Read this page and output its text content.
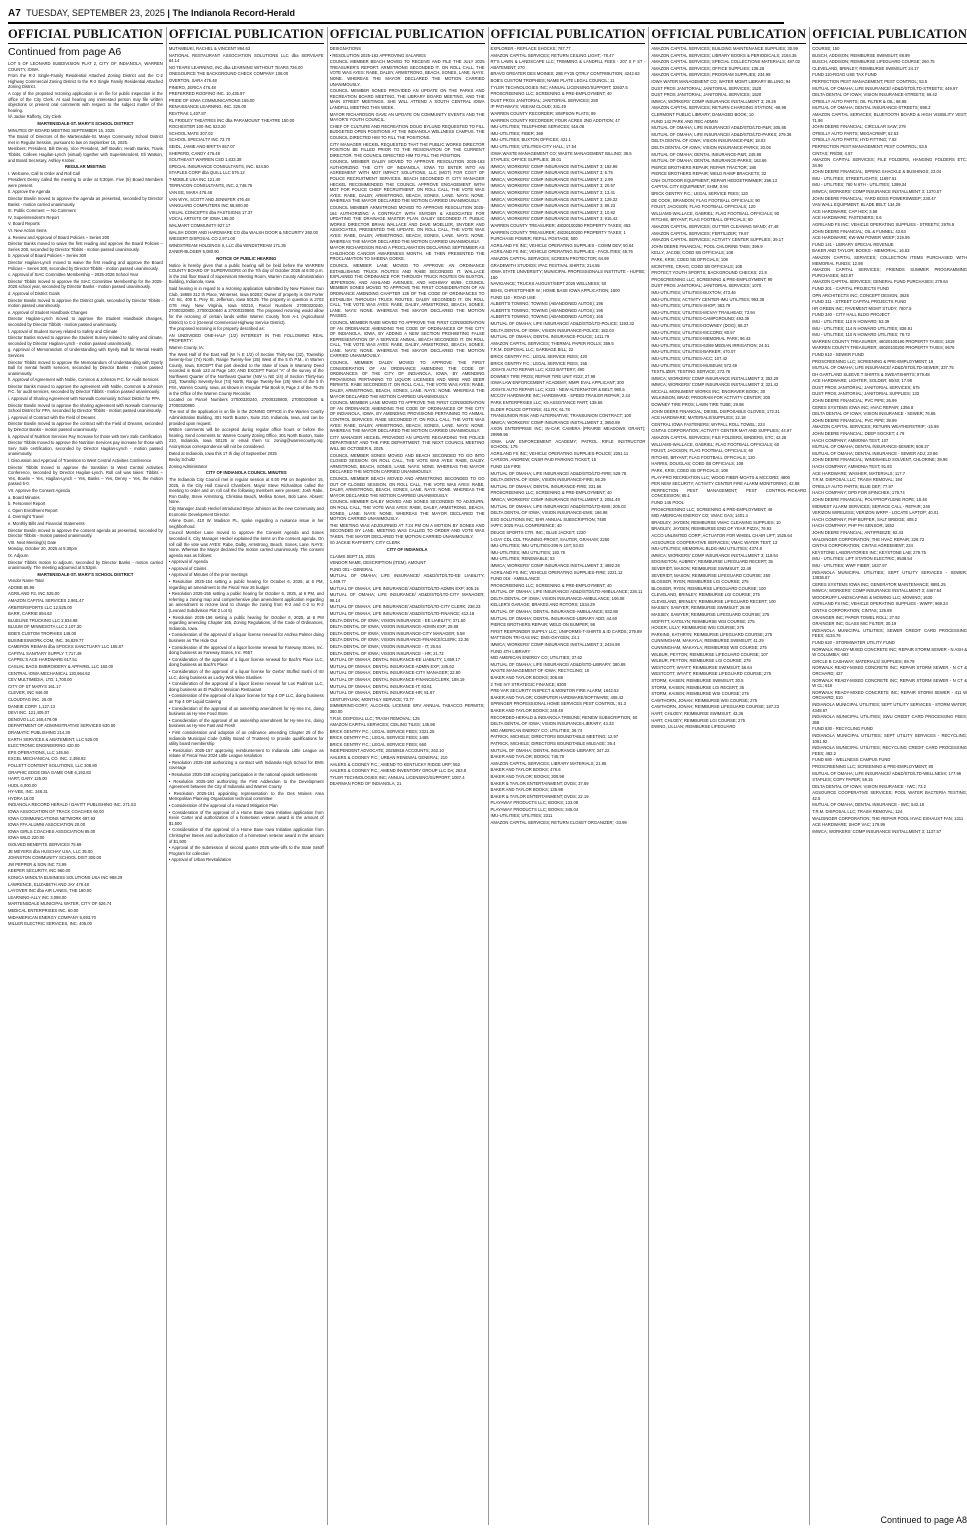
A7 TUESDAY, SEPTEMBER 23, 2025 | The Indianola Record-Herald
OFFICIAL PUBLICATION
Continued from page A6
LOT 5 OF LEONARD SUBDIVISION PLAT 2, CITY OF INDIANOLA, WARREN COUNTY, IOWA.
From the R-2 Single-Family Residential Attached Zoning District and the C-2 Highway Commercial Zoning District to the R-2 Single Family Residential Attached Zoning District.
A copy of the proposed rezoning application is on file for public inspection in the office of the City Clerk. At said hearing any interested person may file written objections or present oral comments with respect to the subject matter of the hearing.
\s\ Jackie Rafferty, City Clerk
MARTENSDALE-ST. MARY'S SCHOOL DISTRICT
MINUTES OF BOARD MEETING SEPTEMBER 15, 2025
The Board of Directors of the Martensdale-St. Marys Community School District met in Regular Session, pursuant to law on September 15, 2025.
Members: President, Bill Denny, Vice President, Jeff Bowlin, Heath Banks, Travis Tibbits, Colleen Hagilan-Lynch (virtual) together with Superintendent, Eli Watson, and Board Secretary, Ashley Krober.
REGULAR MEETING
I. Welcome, Call to Order and Roll Call
President Denny called the meeting to order at 5:30pm. Five (5) Board Members were present.
II. Approve the Agenda
Director Bowlin moved to approve the agenda as presented, seconded by Director Banks - motion carried unanimously.
III. Public Comment — No Comment
IV. Superintendent's Report
V. Board Reports
VI. New Action Items
a. Review and Approval of Board Policies – Series 200
Director Banks moved to waive the first reading and approve the Board Policies – Series 200, seconded by Director Tibbits - motion passed unanimously.
b. Approval of Board Policies – Series 300
Director Hagilan-Lynch moved to waive the first reading and approve the Board Policies – Series 300, seconded by Director Tibbits - motion passed unanimously.
c. Approval of SIAC Committee Membership – 2025-2026 School Year
Director Tibbits moved to approve the SIAC Committee Membership for the 2025-2026 school year, seconded by Director Banks - motion passed unanimously.
d. Approval of District Goals
Director Bowlin moved to approve the District goals, seconded by Director Tibbits - motion passed unanimously.
e. Approval of Student Handbook Changes
Director Hagilan-Lynch moved to approve the Student Handbook changes, seconded by Director Tibbits - motion passed unanimously.
f. Approval of Student Survey related to Safety and Climate
Director Banks moved to approve the Student Survey related to safety and climate, seconded by Director Hagilan-Lynch - motion passed unanimously.
g. Approval of Memorandum of Understanding with Eyerly Ball for Mental Health Services
Director Tibbits moved to approve the Memorandum of Understanding with Eyerly Ball for mental health services, seconded by Director Banks - motion passed unanimously.
h. Approval of Agreement with Noble, Common & Johnson P.C. for Audit Services
Director Banks moved to approve the agreement with Noble, Common & Johnson P.C. for audit services, seconded by Director Tibbits - motion passed unanimously.
i. Approval of Sharing Agreement with Norwalk Community School District for PPA
Director Bowlin moved to approve the sharing agreement with Norwalk Community School District for PPA, seconded by Director Tibbits - motion passed unanimously.
j. Approval of Contract with the Field of Dreams
Director Bowlin moved to approve the contract with the Field of Dreams, seconded by Director Banks - motion passed unanimously.
k. Approval of Nutrition Services Pay Increase for those with Serv Safe Certification
Director Tibbits moved to approve the Nutrition Services pay increase for those with Serv Safe certification, seconded by Director Hagilan-Lynch - motion passed unanimously.
l. Discussion and Approval of Transition to West Central Activities Conference
Director Tibbits moved to approve the transition to West Central Activities Conference, seconded by Director Hagilan-Lynch. Roll call was taken: Tibbits – Yes, Bowlin – Yes, Hagilan-Lynch – Yes, Banks – Yes, Denny – Yes, the motion passed 5-0.
VII. Approve the Consent Agenda
a. Board Minutes
b. Personnel Report
c. Open Enrollment Report
d. Overnight Travel
e. Monthly Bills and Financial Statements
Director Bowlin moved to approve the consent agenda as presented, seconded by Director Tibbits - motion passed unanimously.
VIII. Next Meeting(s) Date
Monday, October 20, 2025 at 5:30pm
IX. Adjourn
Director Tibbits motion to adjourn, seconded by Director Banks - motion carried unanimously. The meeting adjourned at 5:53pm.
MARTENSDALE-ST. MARY'S SCHOOL DISTRICT
Vendor Name Total
ADOBE 85.96
AGRILAND FS, INC 525.00
AMAZON CAPITAL SERVICES 2,961.47
ARBITERSPORTS LLC 12,525.00
BARR, CARRIE 894.63
BLUELINE TRUCKING LLC 2,834.98
BLUUM OF MINNESOTA LLC 2,107.30
BOB'S CUSTOM TROPHIES 148.00
BUSINESSWORK.COM, INC. 36,829.77
CAMERON REIMAN dba SPOCKS SANCTUARY LLC 165.87
CAPITAL SANITARY SUPPLY 7,717.49
CAPPEL'S ACE HARDWARE 617.51
CASUAL BAGS EMBROIDERY & APPAREL LLC 160.00
CENTRAL IOWA MECHANICAL 130,964.62
CEV MULTIMEDIA, LTD. 1,700.00
CITY OF ST MARYS 161.17
CLEVER, INC 846.00
CLOUDTAG INC. 25.00
DANEIE CORP. 1,127.13
DEVI INC. 121,405.07
DENOVO LLC 160,479.09
DEPARTMENT OF ADMINISTRATIVE SERVICES 630.00
DRAMATIC PUBLISHING 214.30
EARTH SERVICES & ABATEMENT, LLC 525.00
ELECTRONIC ENGINEERING 420.00
EPS OPERATIONS, LLC 145.56
EXCEL MECHANICAL CO. INC. 2,498.92
FOLLETT CONTENT SOLUTIONS, LLC 308.80
GRAPHIC EDGE DBA GAME ONE 6,193.83
HART, GARY 125.00
HUDL 6,000.00
HY-VEE, INC. 346.31
HYDRA 16.00
INDIANOLA RECORD HERALD / DAVITT PUBLISHING INC. 271.53
IOWA ASSOCIATION OF TRACK COACHES 60.00
IOWA COMMUNICATIONS NETWORK 697.93
IOWA FFA ALUMNI ASSOCIATION 20.00
IOWA GIRLS COACHES ASSOCIATION 85.00
IOWA WILD 220.00
ISOLVED BENEFITS SERVICES 75.69
JE MEYERS dba HUSCHAY USA, LLC 35.00
JOHNSTON COMMUNITY SCHOOL DIST 300.00
JW PEPPER & SON INC 73.99
KEEPER SECURITY, INC 960.00
KONICA MINOLTA BUSINESS SOLUTIONS USA INC 988.29
LAWRENCE, ELIZABETH AND JAY 476.48
LAYOVER INC dba AIR LANES, THE 180.00
LEARNING-ALLY INC 3,098.00
MARTENSDALE MUNICIPAL WATER, CITY OF 526.74
MEDICAL ENTERPRISES INC. 60.00
MIDAMERICAN ENERGY COMPANY 6,693.70
MILLER ELECTRIC SERVICES, INC. 405.00
OFFICIAL PUBLICATION
MUTAMBUKI, RACHEL & VINCENT 894.63
NATIONAL RESTAURANT ASSOCIATION SOLUTIONS LLC dba SERVSAFE 64.14
NO TEARS LEARNING, INC dba LEARNING WITHOUT TEARS 726.00
ONESOURCE THE BACKGROUND CHECK COMPANY 108.00
OVERTON, SARA 476.48
PINERO, JERICA 476.48
PREFERRED ROOFING INC. 10,435.97
PRIDE OF IOWA COMMUNICATIONS 165.00
RENAISSANCE LEARNING, INC. 325.00
REVTRAK 1,407.87
RL FRIDLEY THEATRES INC dba PARAMOUNT THEATRE 150.00
ROCHESTER 100 INC 523.20
SCHOOL MATE 307.02
SCHOOL SPECIALTY INC 73.70
SEIDL, JAMIE AND BRITTA 657.07
SHEPERD, CANDY 476.48
SOUTHEAST WARREN CSD 1,633.38
SPECIAL INSURANCE CONSULTANTS, INC. 624.50
STAPLES CORP dba QUILL LLC 576.12
T-MOBILE USA INC 121.40
TERRACON CONSULTANTS, INC. 2,748.75
VAN EE, MARA 476.48
VAN WYK, SCOTT AND JENNIFER 476.48
VANGUARD COMPUTERS INC 58,800.00
VISUAL CONCEPTS dba FASTSIGNS 17.37
VOCAL ARTISTS OF IOWA 195.00
WALMART COMMUNITY 927.17
WALSH DOOR AND HARDWARE CO dba WALSH DOOR & SECURITY 260.00
WIEGERT DISPOSAL CO 2,971.00
WINDSTREAM HOLDINGS II, LLC dba WINDSTREAM 171.35
ZANER-BLOSER 5,080.90
NOTICE OF PUBLIC HEARING
Notice is hereby given that a public hearing will be held before the WARREN COUNTY BOARD OF SUPERVISORS on the 7th day of October 2025 at 6:00 p.m. in the 2nd floor Board of Supervisors Meeting Room, Warren County Administration Building, Indianola, Iowa.
Said hearing is in regard to a rezoning application submitted by New Pioneer Gun Club, 18658 312 th Place, Winterset, Iowa 50263; Owner of property is GM Porter AG Inc, 408 E. Prey St, Jefferson, Iowa 50129. The property in question is 2702 G76 Hwy, New Virginia, Iowa 50210, Parcel Numbers 27000320240, 27000320800, 27000320840 & 27000320860. The proposed rezoning would allow for the rezoning of certain lands within Warren County from A-1 (Agricultural District) to C-2 (General Commercial-Highway Service District).
The proposed rezoning is for property described as:
AN UNDIVIDED ONE-HALF (1/2) INTEREST IN THE FOLLOWING REAL PROPERTY:
Warren County, IA:
The West Half of the East Half (W ½ E 1/2) of Section Thirty-two (32), Township Seventy-four (74) North, Range Twenty-five (25) West of the 5 th P.M., in Warren County, Iowa, EXCEPT that part deeded to the State of Iowa in Warranty Deed recorded in Book 122 at Page 140; AND EXCEPT Parcel "A" of the survey of the Northwest Quarter of the Northeast Quarter (NW ¼ NE 1/4) of Section Thirty-two (32), Township Seventy-four (74) North, Range Twenty-five (25) West of the 5 th P.M., Warren County, Iowa, as shown in Irregular Plat Book 9, Page 2 of the 76-25 in the Office of the Warren County Recorder.
Located on Parcel Numbers 27000320240, 27000320800, 27000320840 & 27000320860.
The text of the application is on file in the ZONING OFFICE in the Warren County Administration Building, 301 North Buxton, Suite 210, Indianola, Iowa, and can be provided upon request.
Written comments will be accepted during regular office hours or before the hearing. Send comments to: Warren County Zoning Office, 301 North Buxton, Suite 210, Indianola, Iowa 50125 or email them to: zoning@warrencounty.org. Anonymous correspondence will not be considered.
Dated at Indianola, Iowa this 17 th day of September 2025
Becky Schultz
Zoning Administrator
CITY OF INDIANOLA COUNCIL MINUTES
The Indianola City Council met in regular session at 6:00 PM on September 15, 2025, in the City Hall Council Chambers. Mayor Steve Richardson called the meeting to order and on roll call the following members were present: Josh Rabe, Ron Dalby, Steve Armstrong, Christina Beach, Mellisa Sones, Bob Lane. Absent: None.
City Manager Jacob Heckel introduced Bryce Johnson as the new Community and Economic Development Director.
Arlene Dunn, 410 W. Madison PL, spoke regarding a nuisance issue in her neighborhood.
Council Member Lane moved to approve the Consent Agenda and Sones seconded it. City Manager Heckel explained the items on the consent agenda. On roll call the vote was AYES: Rabe, Dalby, Armstrong, Beach, Sones, Lane. NAYS: None. Whereas the Mayor declared the motion carried unanimously. The consent agenda was as follows:
• Approval of Agenda
• Approval of Claims
• Approval of Minutes of the prior meetings
• Resolution 2025-154 setting a public hearing for October 6, 2025, at 6 PM, regarding an amendment to the Fiscal Year 26 budget
• Resolution 2025-155 setting a public hearing for October 6, 2025, at 6 PM, and referring a zoning map and comprehensive plan amendment application regarding an amendment to rezone land to change the zoning from R-2 and C-2 to R-2 (Leonard Subdivision Plat 2 Lot 5)
• Resolution 2025-156 setting a public hearing for October 6, 2025, at 6 PM regarding amending Chapter 165, Zoning Regulations, of the Code of Ordinances, Indianola, Iowa.
• Consideration of the approval of a liquor license renewal for Andrea Palmer doing business as The Hide Out
• Consideration of the approval of a liquor license renewal for Fareway Stores, Inc. doing business as Fareway Stores, Inc. #657
• Consideration of the approval of a liquor license renewal for Bach's Place LLC, doing business as Bach's Place
• Consideration of the approval of a liquor license for Gerbs' Stuffed Sushi of ISI LLC, doing business as Lucky Wok Wine Slushies
• Consideration of the approval of a liquor license renewal for Los Padrinos LLC, doing business as El Padrino Mexican Restaurant
• Consideration of the approval of a liquor license for Top 4 OP LLC, doing business as Top 4 OP Liquid Catering
• Consideration of the approval of an ownership amendment for Hy-Vee Inc, doing business as Hy-Vee Food Store
• Consideration of the approval of an ownership amendment for Hy-Vee Inc, doing business as Hy-Vee Fast and Fresh
• First consideration and adoption of an ordinance amending Chapter 25 of the Indianola Municipal Code (Utility Board of Trustees) to provide qualifications for utility board membership
• Resolution 2025-157 approving reimbursement to Indianola Little League as rebate of Fiscal Year 2024 Little League resolution
• Resolution 2025-158 authorizing a contract with Indianola High School for EMS coverage
• Resolution 2025-159 accepting participation in the national opioids settlements
• Resolution 2025-160 authorizing the First Addendum to the Development Agreement between the City of Indianola and Warren County
• Resolution 2025-161 appointing representation to the Des Moines Area Metropolitan Planning Organization technical committee
• Consideration of the approval of a Hazard Mitigation Plan
• Consideration of the approval of a Home Base Iowa Initiative application from Kevin Carter and authorization of a hometown veteran award in the amount of $1,500
• Consideration of the approval of a Home Base Iowa Initiative application from Christopher Benes and authorization of a hometown veteran award in the amount of $1,500
• Approval of the submission of second quarter 2025 write-offs to the State Setoff Program for collection
• Approval of Urban Revitalization
OFFICIAL PUBLICATION
DESIGNATIONS
• RESOLUTION 2025-162 APPROVING SALARIES
COUNCIL MEMBER BEACH MOVED TO RECEIVE AND FILE THE JULY 2025 TREASURER'S REPORT. ARMSTRONG SECONDED IT. ON ROLL CALL, THE VOTE WAS AYES: RABE, DALBY, ARMSTRONG, BEACH, SONES, LANE. NAYS: NONE. WHEREAS THE MAYOR DECLARED THE MOTION CARRIED UNANIMOUSLY.
COUNCIL MEMBER SONES PROVIDED AN UPDATE ON THE PARKS AND RECREATION BOARD MEETING, THE LIBRARY BOARD MEETING, AND THE MAIN STREET MEETINGS. SHE WILL ATTEND A SOUTH CENTRAL IOWA LANDFILL MEETING THIS WEEK.
MAYOR RICHARDSON GAVE AN UPDATE ON COMMUNITY EVENTS AND THE MAYOR'S YOUTH COUNCIL.
CHIEF OF CULTURE AND RECREATION DOUG BYLUND REQUESTED TO FILL BUDGETED OPEN POSITIONS AT THE INDIANOLA WELLNESS CAMPUS. THE COUNCIL DIRECTED HIM TO FILL THE POSITIONS.
CITY MANAGER HECKEL REQUESTED THAT THE PUBLIC WORKS DIRECTOR POSITION BE FILLED PRIOR TO THE RESIGNATION OF THE CURRENT DIRECTOR. THE COUNCIL DIRECTED HIM TO FILL THE POSITION.
COUNCIL MEMBER DALBY MOVED TO APPROVE RESOLUTION 2025-163 AUTHORIZING THE CITY OF INDIANOLA, IOWA TO ENTER INTO AN AGREEMENT WITH MGT IMPACT SOLUTIONS, LLC (MGT) FOR COST OF POLICE RECRUITMENT SERVICES. BEACH SECONDED IT. CITY MANAGER HECKEL RECOMMENDED THE COUNCIL APPROVE ENGAGEMENT WITH MGT FOR POLICE CHIEF RECRUITMENT. ON ROLL CALL, THE VOTE WAS AYES: RABE, DALBY, ARMSTRONG, BEACH, SONES, LANE. NAYS: NONE. WHEREAS THE MAYOR DECLARED THE MOTION CARRIED UNANIMOUSLY.
COUNCIL MEMBER ARMSTRONG MOVED TO APPROVE RESOLUTION 2025-164 AUTHORIZING A CONTRACT WITH SNYDER & ASSOCIATES FOR UPDATING THE DRAINAGE MASTER PLAN. DALBY SECONDED IT. PUBLIC WORKS DIRECTOR BRIAN WALLACE AND DAVE MOELLER, SNYDER AND ASSOCIATES, PRESENTED THE UPDATE. ON ROLL CALL, THE VOTE WAS AYES: RABE, DALBY, ARMSTRONG, BEACH, SONES, LANE. NAYS: NONE. WHEREAS THE MAYOR DECLARED THE MOTION CARRIED UNANIMOUSLY.
MAYOR RICHARDSON READ A PROCLAMATION DECLARING SEPTEMBER AS CHILDHOOD CANCER AWARENESS MONTH. HE THEN PRESENTED THE PROCLAMATION TO SHEENA GOEKE.
COUNCIL MEMBER LANE MOVED TO APPROVE AN ORDINANCE ESTABLISHING TRUCK ROUTES AND RABE SECONDED IT. WALLACE EXPLAINED THE ORDINANCE FOR THROUGH TRUCK ROUTES ON BUXTON, JEFFERSON, AND ASHLAND AVENUES, AND HIGHWAY 65/69. COUNCIL MEMBER SONES MOVED TO APPROVE THE FIRST CONSIDERATION OF AN ORDINANCE AMENDING CHAPTER 135 OF THE CODE OF ORDINANCES TO ESTABLISH THROUGH TRUCK ROUTES. DALBY SECONDED IT. ON ROLL CALL, THE VOTE WAS AYES: RABE, DALBY, ARMSTRONG, BEACH, SONES, LANE. NAYS: NONE. WHEREAS THE MAYOR DECLARED THE MOTION PASSED.
COUNCIL MEMBER RABE MOVED TO APPROVE THE FIRST CONSIDERATION OF AN ORDINANCE AMENDING THE CODE OF ORDINANCES OF THE CITY OF INDIANOLA, IOWA, BY ADDING A NEW SECTION PROHIBITING FALSE REPRESENTATION OF A SERVICE ANIMAL. BEACH SECONDED IT. ON ROLL CALL, THE VOTE WAS AYES: RABE, DALBY, ARMSTRONG, BEACH, SONES, LANE. NAYS: NONE. WHEREAS THE MAYOR DECLARED THE MOTION CARRIED UNANIMOUSLY.
COUNCIL MEMBER DALBY MOVED TO APPROVE THE FIRST CONSIDERATION OF AN ORDINANCE AMENDING THE CODE OF ORDINANCES OF THE CITY OF INDIANOLA, IOWA, BY AMENDING PROVISIONS PERTAINING TO LIQUOR LICENSES AND WINE AND BEER PERMITS. RABE SECONDED IT. ON ROLL CALL, THE VOTE WAS AYES: RABE, DALBY, ARMSTRONG, BEACH, SONES, LANE. NAYS: NONE. WHEREAS THE MAYOR DECLARED THE MOTION CARRIED UNANIMOUSLY.
COUNCIL MEMBER LANE MOVED TO APPROVE THE FIRST CONSIDERATION OF AN ORDINANCE AMENDING THE CODE OF ORDINANCES OF THE CITY OF INDIANOLA, IOWA, BY AMENDING PROVISIONS PERTAINING TO ANIMAL CONTROL SERVICES. RABE SECONDED IT. ON ROLL CALL, THE VOTE WAS AYES: RABE, DALBY, ARMSTRONG, BEACH, SONES, LANE. NAYS: NONE. WHEREAS THE MAYOR DECLARED THE MOTION CARRIED UNANIMOUSLY.
CITY MANAGER HECKEL PROVIDED AN UPDATE REGARDING THE POLICE DEPARTMENT AND THE FIRE DEPARTMENT. THE NEXT COUNCIL MEETING WILL BE OCTOBER 6, 2025.
COUNCIL MEMBER SONES MOVED AND BEACH SECONDED TO GO INTO CLOSED SESSION. ON ROLL CALL, THE VOTE WAS AYES: RABE, DALBY, ARMSTRONG, BEACH, SONES, LANE. NAYS: NONE. WHEREAS THE MAYOR DECLARED THE MOTION CARRIED UNANIMOUSLY.
COUNCIL MEMBER BEACH MOVED AND ARMSTRONG SECONDED TO GO OUT OF CLOSED SESSION. ON ROLL CALL, THE VOTE WAS AYES: RABE, DALBY, ARMSTRONG, BEACH, SONES, LANE. NAYS: NONE. WHEREAS THE MAYOR DECLARED THE MOTION CARRIED UNANIMOUSLY.
COUNCIL MEMBER DALBY MOVED AND SONES SECONDED TO ADJOURN. ON ROLL CALL, THE VOTE WAS AYES: RABE, DALBY, ARMSTRONG, BEACH, SONES, LANE. NAYS: NONE. WHEREAS THE MAYOR DECLARED THE MOTION CARRIED UNANIMOUSLY.
THE MEETING WAS ADJOURNED AT 7:24 PM ON A MOTION BY SONES AND SECONDED BY LANE. MEETING WAS CALLED TO ORDER AND VOTE WAS TAKEN. THE MAYOR DECLARED THE MOTION CARRIED UNANIMOUSLY.
\S\ JACKIE RAFFERTY, CITY CLERK
CITY OF INDIANOLA
CLAIMS SEPT 15, 2025
VENDOR NAME, DESCRIPTION (ITEM), AMOUNT
FUND 001 - GENERAL
MUTUAL OF OMAHA; LIFE INSURANCE/ AD&D/STD/LTD-EE LIABILITY; 1,469.77
MUTUAL OF OMAHA; LIFE INSURANCE/ AD&D/STD/LTD-ADMIN EXP; 305.15
MUTUAL OF OMAHA; LIFE INSURANCE/ AD&D/STD/LTD-CITY MANAGER; 98.14
MUTUAL OF OMAHA; LIFE INSURANCE/ AD&D/STD/LTD-CITY CLERK; 238.23
MUTUAL OF OMAHA; LIFE INSURANCE/ AD&D/STD/LTD-FINANCE; 412.18
DELTA DENTAL OF IOWA; VISION INSURANCE - EE LIABILITY; 371.50
DELTA DENTAL OF IOWA; VISION INSURANCE-ADMIN EXP; 28.88
DELTA DENTAL OF IOWA; VISION INSURANCE-CITY MANAGER; 5.58
DELTA DENTAL OF IOWA; VISION INSURANCE-FINANCE/CLERK; 22.36
DELTA DENTAL OF IOWA; VISION INSURANCE - IT; 25.64
DELTA DENTAL OF IOWA; VISION INSURANCE - HR; 21.72
MUTUAL OF OMAHA; DENTAL INSURANCE-EE LIABILITY; 1,659.17
MUTUAL OF OMAHA; DENTAL INSURANCE-ADMIN EXP; 245.62
MUTUAL OF OMAHA; DENTAL INSURANCE-CITY MANAGER; 22.80
MUTUAL OF OMAHA; DENTAL INSURANCE-FINANCE/CLERK; 188.19
MUTUAL OF OMAHA; DENTAL INSURANCE-IT; 93.61
MUTUAL OF OMAHA; DENTAL INSURANCE-HR; 81.87
CENTURYLINK; MONTHLY SERVICE; 73.77
SIMMERING-CORY; ALCOHOL LICENSE SRV ANNUAL TABACCO PERMITS; 360.00
T.R.M. DISPOSAL LLC; TRASH REMOVAL; 125
AMAZON CAPITAL SERVICES; CEILING TILES; 145.98
BRICK GENTRY P.C.; LEGAL SERVICE FEES; 2321.25
BRICK GENTRY P.C.; LEGAL SERVICE FEES; 1485
BRICK GENTRY P.C.; LEGAL SERVICE FEES; 660
INDEPENDENT ADVOCATE; 20250818 ACCOUNTS; 263.10
AHLERS & COONEY P.C.; URBAN RENEWAL GENERAL; 210
AHLERS & COONEY P.C.; AMEND TO KENTUCKY RIDGE URP; 552
AHLERS & COONEY P.C.; AMEND INVENTORY GROUP LLC DA; 263.8
TYLER TECHNOLOGIES INC; ANNUAL LICENSING/SUPPORT; 1087.4
DEARMAN FORD OF INDIANOLA; 21
OFFICIAL PUBLICATION
EXPLORER - REPLACE SHOCKS; 787.77
AMAZON CAPITAL SERVICES; RETURN CEILING LIGHT; -78.47
RT'S LAWN & LANDSCAPE LLC; TRIMMING & LANDFILL FEES - 207 S F ST - ABATEMENT; 270
BRAVO GREATER DES MOINES; 28E FY25 QTRLY CONTRIBUTION; 4242.63
BOB'S CUSTOM TROPHIES; NAME PLATE LEGAL COUNCIL; 11
TYLER TECHNOLOGIES INC; ANNUAL LICENSING/SUPPORT; 32937.5
PROSCREENING LLC; SCREENING & PRE-EMPLOYMENT; 40
DUST PROS JANITORIAL; JANITORIAL SERVICES; 280
IP PATHWAYS; VEEAM CLOUD; 331.49
WARREN COUNTY RECORDER; SIMPSON PLATS; 89
WARREN COUNTY RECORDER; FOUR ACRES 2ND ADDITION; 47
IMU-UTILITIES; TELEPHONE SERVICES; 516.08
IMU-UTILITIES; FIBER; 369
IMU-UTILITIES; BUXTON OFFICES; 421.1
IMU-UTILITIES; UTILITIES-CITY HALL; 17.54
IOWA WASTE MANAGEMENT CO; WASTE MANAGEMENT BILLING; 38.5
STAPLES; OFFICE SUPPLIES; 39.01
IMWCA; WORKERS' COMP INSURANCE INSTALLMENT 3; 192.96
IMWCA; WORKERS' COMP INSURANCE INSTALLMENT 3; 6.75
IMWCA; WORKERS' COMP INSURANCE INSTALLMENT 3; 2.99
IMWCA; WORKERS' COMP INSURANCE INSTALLMENT 3; 20.57
IMWCA; WORKERS' COMP INSURANCE INSTALLMENT 3; 13.41
IMWCA; WORKERS' COMP INSURANCE INSTALLMENT 3; 129.32
IMWCA; WORKERS' COMP INSURANCE INSTALLMENT 3; 88.23
IMWCA; WORKERS' COMP INSURANCE INSTALLMENT 3; 10.82
IMWCA; WORKERS' COMP INSURANCE INSTALLMENT 3; 915.42
WARREN COUNTY TREASURER; 48020100250 PROPERTY TAXES; 453
WARREN COUNTY TREASURER; 49226100200 PROPERTY TAXES; 1
PURCHASE POWER; REFILL POSTAGE; 500
AGRILAND FS INC; VEHICLE OPERATING SUPPLIES - COMM DEV; 50.64
AGRILAND FS INC; VEHICLE OPERATING SUPPLIES - FACILITIES; 45.76
AMAZON CAPITAL SERVICES; SCREEN PROTECTOR; 64.99
GRADEWITH STUDIOS; IPAC FESTIVAL SHIRTS; 214.55
IOWA STATE UNIVERSITY; MUNICIPAL PROFESSIONALS INSTITUTE - HUPSE; 160
NAVIGANCE; TRUCKS AUGUST/SEPT 2025 WELLNESS; 50
BEHS, CHRISTOPHER W.; HOME BASE IOWA APPLICATION; 1500
FUND 110 - ROAD USE
ALBERT'S TOWING; TOWING (ABANDONED AUTOS); 195
ALBERT'S TOWING; TOWING (ABANDONED AUTOS); 195
ALBERT'S TOWING; TOWING (ABANDONED AUTOS); 165
MUTUAL OF OMAHA; LIFE INSURANCE/ AD&D/STD/LTD-POLICE; 1193.32
DELTA DENTAL OF IOWA; VISION INSURANCE-POLICE; 182.03
MUTUAL OF OMAHA; DENTAL INSURANCE-POLICE; 1411.79
AMAZON CAPITAL SERVICES; THERMAL PAPER ROLLS; 359.5
T.R.M. DISPOSAL LLC; GARBAGE BILL; 22
BRICK GENTRY P.C.; LEGAL SERVICE FEES; 420
BRICK GENTRY P.C.; LEGAL SERVICE FEES; 155
JOSH'S AUTO REPAIR LLC; K223 BATTERY; 490
DOWNEY TIRE PROS; REPAIR TIRE UNIT #222; 27.98
IOWA LAW ENFORCEMENT ACADEMY; MMPI EVAL APPLICANT; 300
JOSH'S AUTO REPAIR LLC; K223 - NEW ALTERNATOR & BELT; 980.5
MCCOY HARDWARE INC; HARDWARE - SPEED TRAILER REPAIR; 2.44
PARK ENTERPRISES LLC; K9 ASSISTANCE PART; 138.56
ELDER POLICE OPTIONS; 411 RX; 61.78
TRANSUNION RISK AND ALTERNATIVE; TRANSUNION CONTRACT; 100
IMWCA; WORKERS' COMP INSURANCE INSTALLMENT 3; 3650.89
AXON ENTERPRISE INC; IN-CAR CAMERA (PRAIRIE MEADOWS GRANT); 29999.96
IOWA LAW ENFORCEMENT ACADEMY; PATROL RIFLE INSTRUCTOR SCHOOL; 175
AGRILAND FS INC; VEHICLE OPERATING SUPPLIES-POLICE; 2251.11
CARSON, ANDREW; CNSR PAID PARKING TICKET; 15
FUND 115 FIRE
MUTUAL OF OMAHA; LIFE INSURANCE/ AD&D/STD/LTD-FIRE; 529.78
DELTA DENTAL OF IOWA; VISION INSURANCE-FIRE; 56.29
MUTUAL OF OMAHA; DENTAL INSURANCE-FIRE; 331.56
PROSCREENING LLC; SCREENING & PRE-EMPLOYMENT; 40
IMWCA; WORKERS' COMP INSURANCE INSTALLMENT 3; 2051.49
MUTUAL OF OMAHA; LIFE INSURANCE/ AD&D/STD/LTD-EMS; 205.03
DELTA DENTAL OF IOWA; VISION INSURANCE-EMS; 166.98
ESO SOLUTIONS INC; EHR ANNUAL SUBSCRIPTION; 7480
IAPFC 2025 FALL CONFERENCE; 40
DEUCE SPORTS CTR. INC.; BLUE JACKET; 1220
1-DAY CDL CDL TRAINING-PROST, SAUTER, GRAHAM; 2250
IMU-UTILITIES; IMU UTILITIES-206 N 1ST; 53.03
IMU-UTILITIES; IMU UTILITIES; 182.78
IMU-UTILITIES; RENEWABLE; 53
IMWCA; WORKERS' COMP INSURANCE INSTALLMENT 3; 4892.26
AGRILAND FS INC; VEHICLE OPERATING SUPPLIES-FIRE; 2221.12
FUND 016 - AMBULANCE
PROSCREENING LLC; SCREENING & PRE-EMPLOYMENT; 40
MUTUAL OF OMAHA; LIFE INSURANCE/ AD&D/STD/LTD-AMBULANCE; 226.11
DELTA DENTAL OF IOWA; VISION INSURANCE-AMBULANCE; 106.08
KELLER'S GARAGE; BRAKES AND ROTORS; 1534.29
MUTUAL OF OMAHA; DENTAL INSURANCE-AMBULANCE; 832.88
MUTUAL OF OMAHA; DENTAL INSURANCE-LIBRARY ADD; 44.60
PIERCE BROTHERS REPAIR; WELD ON BUMPER; 98
FIRST RESPONDER SUPPLY LLC; UNIFORMS-T-SHIRTS & ID CARDS; 279.89
MATTISON TRI-GAS INC; EMS-OXYGEN; 24.1
IMWCA; WORKERS' COMP INSURANCE INSTALLMENT 3; 2434.98
FUND 4TH LIBRARY
MID AMERICAN ENERGY CO; UTILITIES; 37.62
MUTUAL OF OMAHA; LIFE INSURANCE/ AD&D/STD-LIBRARY; 380.89
WASTE MANAGEMENT OF IOWA; RECYCLING; 10
BAKER AND TAYLOR BOOKS; 306.88
2 THE IVY STRATEGIC FINANCE; 6300
PRE-VAR SECURITY INSPECT & MONITOR FIRE ALARM; 1642.52
BAKER AND TAYLOR; COMPUTER HARDWARE/SOFTWARE; 408.43
SPRINGER PROFESSIONAL HOME SERVICES PEST CONTROL; 91.3
BAKER AND TAYLOR BOOKS; 248.48
RECORDED-HERALD & INDIANOLA TRIBUNE; RENEW SUBSCRIPTION; 60
DELTA DENTAL OF IOWA; VISION INSURANCE-LIBRARY; 43.33
MID AMERICAN ENERGY CO; UTILITIES; 36.74
PATRICK, MICHELE; DIRECTORS BOUNDTABLE MEETING; 12.97
PATRICK, MICHELE; DIRECTORS BOUNDTABLE MILEAGE; 36.4
MUTUAL OF OMAHA; DENTAL INSURANCE-LIBRARY; 347.22
BAKER AND TAYLOR; BOOKS; 745.78
AMAZON CAPITAL SERVICES; LIBRARY MATERIALS; 21.85
BAKER AND TAYLOR BOOKS; 476.6
BAKER AND TAYLOR; BOOKS; 300.98
BAKER & TAYLOR ENTERTAINMENT; DVDS; 37.69
BAKER AND TAYLOR BOOKS; 135.98
BAKER & TAYLOR ENTERTAINMENT; DVDS; 22.19
PLAYAWAY PRODUCTS LLC; BOOKS; 133.08
PLAYAWAY PRODUCTS LLC; BOOKS; 345.04
IMU-UTILITIES; UTILITIES; 2311
AMAZON CAPITAL SERVICES; RETURN CLOSET ORGANIZER; -33.99
OFFICIAL PUBLICATION
AMAZON CAPITAL SERVICES; BUILDING MAINTENANCE SUPPLIES; 30.99
AMAZON CAPITAL SERVICES; LIBRARY BOOKS & PERIODICALS; 2164.35
AMAZON CAPITAL SERVICES; SPECIAL COLLECTIONS MATERIALS; 487.02
AMAZON CAPITAL SERVICES; OFFICE SUPPLIES; 136.28
AMAZON CAPITAL SERVICES; PROGRAM SUPPLIES; 234.99
IOWA WATER MANAGEMENT CO; WATER MGMT LIBRARY BILLING; 94
DUST PROS JANITORIAL; JANITORIAL SERVICES; 1520
DUST PROS JANITORIAL; JANITORIAL SERVICES; 1520
IMWCA; WORKERS' COMP INSURANCE INSTALLMENT 3; 29.26
AMAZON CAPITAL SERVICES; RETURN CHARGING STATION; -68.99
CLERMONT PUBLIC LIBRARY; DAMAGED BOOK; 10
FUND 142 PARK AND REC ADMIN
MUTUAL OF OMAHA; LIFE INSURANCE/ AD&D/STD/LTD-P&R; 305.85
MUTUAL OF OMAHA; LIFE INSURANCE/ AD&D/STD/LTD-PARKS; 279.36
DELTA DENTAL OF IOWA; VISION INSURANCE-P&R; 18.02
DELTA DENTAL OF IOWA; VISION INSURANCE-PARKS; 20.06
MUTUAL OF OMAHA; DENTAL INSURANCE-P&R; 245.98
MUTUAL OF OMAHA; DENTAL INSURANCE-PARKS; 163.66
PIERCE BROTHERS REPAIR; REPAIR TRACTOR; 186
PIERCE BROTHERS REPAIR; WELD RAMP BRACKETS; 32
CNH OUTDOOR EQUIPMENT; REPAIR HEDGETRIMMER; 296.13
CAPITAL CITY EQUIPMENT; SHIM; 0.94
BRICK GENTRY P.C.; LEGAL SERVICE FEES; 120
DE COOK, BRANDON; FLAG FOOTBALL OFFICIALS; 90
FOUST, JACKSON; FLAG FOOTBALL OFFICIALS; 120
WILLIAMS-WALLACE, GABRIEL; FLAG FOOTBALL OFFICIALS; 90
RITCHIE, BRYANT; FLAG FOOTBALL OFFICIALS; 60
AMAZON CAPITAL SERVICES; GUTTER CLEANING WAND; 47.48
AMAZON CAPITAL SERVICES; FERTILIZER; 79.67
AMAZON CAPITAL SERVICES; ACTIVITY CENTER SUPPLIES; 39.17
JOHN DEERE FINANCIAL; POOL CHLORINE TABS; 399.9
KELLY, JACOB; COED SB OFFICIALS; 108
PARK, KRIS; COED SB OFFICIALS; 108
MCINTYRE, CRAIG; COED SB OFFICIALS; 108
PROTECT YOUTH SPORTS; BACKGROUND CHECKS; 21.8
PROSCREENING LLC; SCREENING & PRE-EMPLOYMENT; 90
DUST PROS JANITORIAL; JANITORIAL SERVICES; 1070
IMU-UTILITIES; UTILITIES-BUXTON; 473.46
IMU-UTILITIES; ACTIVITY CENTER-IMU UTILITIES; 993.38
IMU-UTILITIES; UTILITIES-SHOP; 363.79
IMU-UTILITIES; UTILITIES-MCVAY TRAILHEAD; 73.94
IMU-UTILITIES; UTILITIES-CAMPGROUND; 493.39
IMU-UTILITIES; UTILITIES-DOWNEY (DOG); 68.37
IMU-UTILITIES; UTILITIES-MCCORD; 80.57
IMU-UTILITIES; UTILITIES-MEMORIAL PARK; 96.43
IMU-UTILITIES; UTILITIES-63/69 MEDIAN IRRIGATION; 24.51
IMU-UTILITIES; UTILITIES-BARKER; 470.07
IMU-UTILITIES; UTILITIES-ACC; 107.42
IMU-UTILITIES; UTILITIES-MUSEUM; 572.49
TEXTILIZER; TESTING SERVICE; 272.76
IMWCA; WORKERS' COMP INSURANCE INSTALLMENT 3; 352.29
IMWCA; WORKERS' COMP INSURANCE INSTALLMENT 3; 321.42
MCCALL MONUMENT WORKS INC; ENGRAVER BOOK; 30
WILKINSON, BRAD; PROGRAM FOR ACTIVITY CENTER; 200
DOWNEY TIRE PROS; LAWN TIRE TUBE; 29.98
JOHN DEERE FINANCIAL; DIESEL DISPOSABLE GLOVES; 172.31
ACE HARDWARE; MATERIALS/SUPPLIES; 12.18
CENTRAL IOWA FASTENERS; WYPALL ROLL TOWEL; 224
CINTAS CORPORATION; ACTIVITY CENTER MAT AND SUPPLIES; 44.97
AMAZON CAPITAL SERVICES; FILE FOLDERS, BINDERS, ETC; 42.26
WILLIAMS-WALLACE, GABRIEL; FLAG FOOTBALL OFFICIALS; 60
FOUST, JACKSON; FLAG FOOTBALL OFFICIALS; 60
RITCHIE, BRYANT; FLAG FOOTBALL OFFICIALS; 120
HARRIS, DOUGLAS; COED SB OFFICIALS; 108
PARK, KRIS; COED SB OFFICIALS; 108
PLAY-PRO RECREATION LLC; WOOD FIBER-MOATS & MCCORD; 4800
PER NEW SECURITY; ACTIVITY CENTER FIRE ALARM MONITORING; 42.88
PERFECTION PEST MANAGEMENT; PEST CONTROL-PICKARD CONCESSION; 65.1
FUND 146 POOL
PROSCREENING LLC; SCREENING & PRE-EMPLOYMENT; 48
MID AMERICAN ENERGY CO; VMAC GAS; 1401.4
BRADLEY, JAYDEN; REIMBURSE VMAC CLEANING SUPPLIES; 10
BRADLEY, JAYDEN; REIMBURSE END OF YEAR PIZZA; 76.93
ACCO UNLIMITED CORP; ACTUATOR FOR WHEEL CHAIR LIFT; 1525.64
AGSOURCE COOPERATIVE SERVICES; VMAC WATER TEST; 13
IMU-UTILITIES; MEMORIAL BLDG-IMU UTILITIES; 4374.8
IMWCA; WORKERS' COMP INSURANCE INSTALLMENT 3; 118.54
EDGINGTON, AUBREY; REIMBURSE LIFEGUARD RECERT; 35
SEVERIDT, MASON; REIMBURSE SWIMSUIT; 22.49
SEVERIDT, MASON; REIMBURSE LIFEGUARD COURSE; 250
BLOSSER, RYEN; REIMBURSE LGI COURSE; 275
BLOSSER, RYEN; REIMBURSE LIFEGUARD COURSE; 100
CLEVELAND, BRINLEY; REIMBURSE LGI COURSE; 275
CLEVELAND, BRINLEY; REIMBURSE LIFEGUARD RECERT; 100
MASSEY, SAWYER; REIMBURSE SWIMSUIT; 28.99
MASSEY, SAWYER; REIMBURSE LIFEGUARD COURSE; 275
MOFFITT, KATELYN; REIMBURSE WSI COURSE; 275
HOGER, LILLY; REIMBURSE WSI COURSE; 275
PARKINS, KATHRYN; REIMBURSE LIFEGUARD COURSE; 275
CUNNINGHAM, MAKAYLA; REIMBURSE SWIMSUIT; 41.29
CUNNINGHAM, MAKAYLA; REIMBURSE WSI COURSE; 275
WILBUR, PEYTON; REIMBURSE LIFEGUARD COURSE; 107
WILBUR, PEYTON; REIMBURSE LGI COURSE; 275
WESTCOTT, WYATT; REIMBURSE SWIMSUIT; 56.64
WESTCOTT, WYATT; REIMBURSE LIFEGUARD COURSE; 275
STORM, KAISEN; REIMBURSE SWIMSUIT; 30.5
STORM, KAISEN; REIMBURSE LGI RECERT; 35
STORM, KAISEN; REIMBURSE WSI COURSE; 275
CAWTHORN, JONAH; REIMBURSE WSI COURSE; 275
CAWTHORN, JONAH; REIMBURSE LIFEGUARD COURSE; 187.23
HART, CHLOEY; REIMBURSE SWIMSUIT; 43.36
HART, CHLOEY; REIMBURSE LGI COURSE; 275
EWING, LILLIAN; REIMBURSE LIFEGUARD
OFFICIAL PUBLICATION
COURSE; 150
BUSCH, ADDISON; REIMBURSE SWIMSUIT; 68.99
BUSCH, ADDISON; REIMBURSE LIFEGUARD COURSE; 260.75
CLEVELAND, BRINLEY; REIMBURSE SWIMSUIT; 24.17
FUND 110-ROAD USE TAX FUND
PERFECTION PEST MANAGEMENT; PEST CONTROL; 53.5
MUTUAL OF OMAHA; LIFE INSURANCE/ AD&D/STD/LTD-STREETS; 449.97
DELTA DENTAL OF IOWA; VISION INSURANCE-STREETS; 69.42
O'REILLY AUTO PARTS; OIL FILTER & OIL; 68.98
MUTUAL OF OMAHA; DENTAL INSURANCE-STREETS; 598.3
AMAZON CAPITAL SERVICES; BLUETOOTH BOARD & HIGH VISIBILITY VEST; 71.96
JOHN DEERE FINANCIAL; CIRCULAR SAW; 279
O'REILLY AUTO PARTS; MEGACRIMP; 62.53
O'REILLY AUTO PARTS; HYD FITTING; 7.92
PERFECTION PEST MANAGEMENT; PEST CONTROL; 53.5
CINTAS; FR/DB; 4.57
AMAZON CAPITAL SERVICES; FILE FOLDERS, HANGING FOLDERS ETC; 34.96
JOHN DEERE FINANCIAL; SPRING SHACKLE & BUSHINGS; 23.04
IMU - UTILITIES; STREETLIGHTS; 11697.51
IMU - UTILITIES; 760 N 6TH - UTILITIES; 1399.34
IMWCA; WORKERS' COMP INSURANCE INSTALLMENT 3; 1370.57
JOHN DEERE FINANCIAL; YARD BOSS POWERSWEEP; 230.47
VAN WALL EQUIPMENT; BLADE BELT; 134.28
ACE HARDWARE; CAP HEX; 3.58
ACE HARDWARE; FASTENERS; 0.6
AGRILAND FS INC; VEHICLE OPERATING SUPPLIES - STREETS; 2978.8
JOHN DEERE FINANCIAL; OIL & FUNNEL; 42.63
ACE HARDWARE; KW-WM POWER WEEP; 219.99
FUND 141 - LIBRARY SPECIAL REVENUE
BAKER AND TAYLOR; BOOKS - MEMORIAL; 16.53
AMAZON CAPITAL SERVICES; COLLECTION ITEMS PURCHASED WITH MEMORIAL FUNDS; 12.98
AMAZON CAPITAL SERVICES; FRIENDS SUMMER PROGRAMMING PURCHASES; 643.87
AMAZON CAPITAL SERVICES; GENERAL FUND PURCHASES; 279.64
FUND 301 - CAPITAL PROJECTS FUND
OPN ARCHITECTS INC; CONCEPT DESIGN; 3625
FUND 311 - STREET CAPITAL PROJECTS FUND
HR GREEN INC; PAVEMENT MGMT STUDY; 7807.5
FUND 340 - CITY HALL BLDG PROJECT
IMU - UTILITIES; 110 N HOWARD; 53.39
IMU - UTILITIES; 114 N HOWARD UTILITIES; 836.91
IMU - UTILITIES; 110 N HOWARD UTILITIES; 78.72
WARREN COUNTY TREASURER; 48020100190 PROPERTY TAXES; 1819
WARREN COUNTY TREASURER; 48020100200 PROPERTY TAXES; 9676
FUND 610 - SEWER FUND
PROSCREENING LLC; SCREENING & PRE-EMPLOYMENT; 16
MUTUAL OF OMAHA; LIFE INSURANCE/ AD&D/STD/LTD-SEWER; 337.75
DH GARTLAND SLEEVE T SHIRTS & SWEATSHIRTS; 979.48
ACE HARDWARE; LIGHTER, SOLDER; 60/40; 17.98
DUST PROS JANITORIAL; JANITORIAL SERVICES; 675
DUST PROS JANITORIAL; JANITORIAL SUPPLIES; 133
JOHN DEERE FINANCIAL; PVC PIPE; 26.99
CERES SYSTEMS IOWA INC; HVAC REPAIR; 1356.8
DELTA DENTAL OF IOWA; VISION INSURANCE - SEWER; 76.66
JOHN DEERE FINANCIAL; PVC PIPE; 39.99
AMAZON CAPITAL SERVICES; RETURN WEATHERSTRIP; -15.99
JOHN DEERE FINANCIAL; DEEP SOCKET; 4.79
HACH COMPANY; AMMONIA TEST; 107
MUTUAL OF OMAHA; DENTAL INSURANCE-SEWER; 608.37
MUTUAL OF OMAHA; DENTAL INSURANCE - SEWER ADJ; 23.86
JOHN DEERE FINANCIAL; WINDSHIELD SOLVENT, CHLORINE; 39.96
HACH COMPANY; AMMONIA TEST; 91.93
ACE HARDWARE; WASHER, MATERIALS; 117.7
T.R.M. DISPOSAL LLC; TRASH REMOVAL; 194
O'REILLY AUTO PARTS; BLUE DEF; 77.97
HACH COMPANY; DPD FOR SPINCHEK; 179.74
JOHN DEERE FINANCIAL; POLYPROPYLENE ROPE; 18.48
MIDWEST ALARM SERVICES; SERVICE CALL - REPAIR; 246
VERIZON WIRELESS; VERIZON WRFP - LOCATE LAPTOP; 40.01
HACH COMPANY; PHP BUFFER, SALT BRIDGE; 408.2
HACH COMPANY; PHP PH SENSOR; 1652
JOHN DEERE FINANCIAL; ANTIFREEZE; 92.43
WALDINGER CORPORATION; THE HVAC REPAIR; 226.72
CINTAS CORPORATION; CINTAS AGREEMENT; 234
KEYSTONE LABORATORIES INC; KEYSTONE LAB; 279.75
IMU - UTILITIES; LIFT STATION ELECTRIC; 9538.54
IMU - UTILITIES; WWF FIBER; 1637.97
INDIANOLA MUNICIPAL UTILITIES; SEPT UTILITY SERVICES - SEWER; 13836.67
CERES SYSTEMS IOWA INC; GENERATOR MAINTENANCE; 8881.25
IMWCA; WORKERS' COMP INSURANCE INSTALLMENT 3; 4467.64
WOODRUFF LANDSCAPING & MOWING LLC; MOWING; 1630
AGRILAND FS INC; VEHICLE OPERATING SUPPLIES - WWFF; 969.24
CINTAS CORPORATION; CINTAS; 125.89
GRAINGER INC; PAPER TOWEL ROLL; 27.92
GRAINGER INC; GLASS MIC FILTER; 30.19
INDIANOLA MUNICIPAL UTILITIES; SEWER CREDIT CARD PROCESSING FEES; 4134.76
FUND 620 - STORMWATER UTILITY FUND
NORWALK READY-MIXED CONCRETE INC; REPAIR STORM SEWER - N ASH & W COLUMBIA; 692
CIRCLE B CASHWAY; MATERIALS/ SUPPLIES; 89.79
NORWALK READY-MIXED CONCRETE INC; REPAIR STORM SEWER - N CT & ORCHARD; 427
NORWALK READY-MIXED CONCRETE INC; REPAIR STORM SEWER - N CT & W CL; 618
NORWALK READY-MIXED CONCRETE INC; REPAIR STORM SEWER - 411 W ORCHARD; 510
INDIANOLA MUNICIPAL UTILITIES; SEPT UTILITY SERVICES - STORM WATER; 4348.67
INDIANOLA MUNICIPAL UTILITIES; SWU CREDIT CARD PROCESSING FEES; 368
FUND 630 - RECYCLING FUND
INDIANOLA MUNICIPAL UTILITIES; SEPT UTILITY SERVICES - RECYCLING; 1061.92
INDIANOLA MUNICIPAL UTILITIES; RECYCLING CREDIT CARD PROCESSING FEES; 482.2
FUND 680 - WELLNESS CAMPUS FUND
PROSCREENING LLC; SCREENING & PRE-EMPLOYMENT; 80
MUTUAL OF OMAHA; LIFE INSURANCE/ AD&D/STD/LTD-WELLNESS; 177.96
STAPLES; COPY PAPER; 59.15
DELTA DENTAL OF IOWA; VISION INSURANCE - IWC; 73.2
AGSOURCE COOPERATIVE SERVICES; POOL WATER BACTERIA TESTING; 42.5
MUTUAL OF OMAHA; DENTAL INSURANCE - IWC; 542.18
T.R.M. DISPOSAL LLC; TRASH REMOVAL; 124
WALDINGER CORPORATION; THE REPAIR POOL HVAC EXHAUST FAN; 1311
ACE HARDWARE; SHOP VAC; 179.99
IMWCA; WORKERS' COMP INSURANCE INSTALLMENT 3; 1137.57
Continued to page A8
